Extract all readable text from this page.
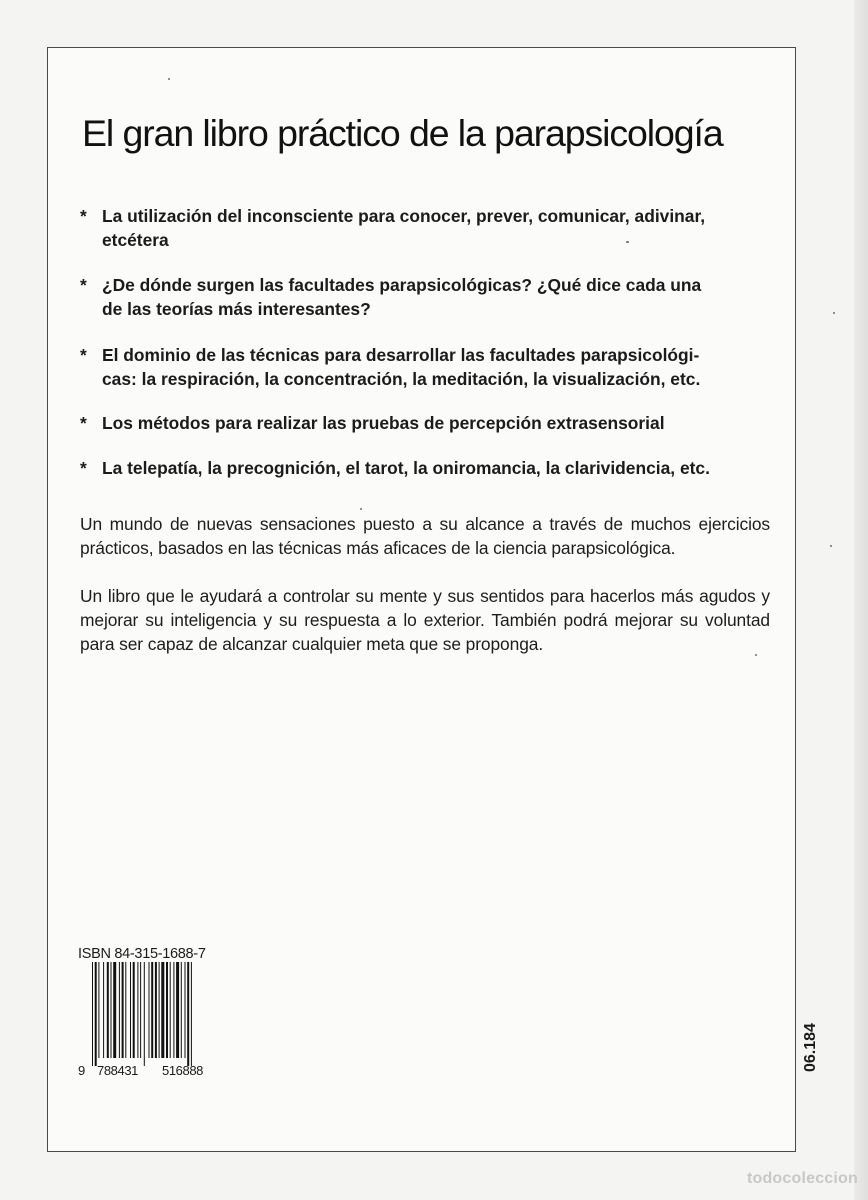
El gran libro práctico de la parapsicología
* La utilización del inconsciente para conocer, prever, comunicar, adivinar,
etcétera
* ¿De dónde surgen las facultades parapsicológicas? ¿Qué dice cada una
de las teorías más interesantes?
* El dominio de las técnicas para desarrollar las facultades parapsicológi-
cas: la respiración, la concentración, la meditación, la visualización, etc.
* Los métodos para realizar las pruebas de percepción extrasensorial
* La telepatía, la precognición, el tarot, la oniromancia, la clarividencia, etc.
Un mundo de nuevas sensaciones puesto a su alcance a través de muchos ejercicios prácticos, basados en las técnicas más aficaces de la ciencia parapsicológica.
Un libro que le ayudará a controlar su mente y sus sentidos para hacerlos más agudos y mejorar su inteligencia y su respuesta a lo exterior. También podrá mejorar su voluntad para ser capaz de alcanzar cualquier meta que se proponga.
ISBN 84-315-1688-7
9 788431 516888	06.184
todocoleccion
